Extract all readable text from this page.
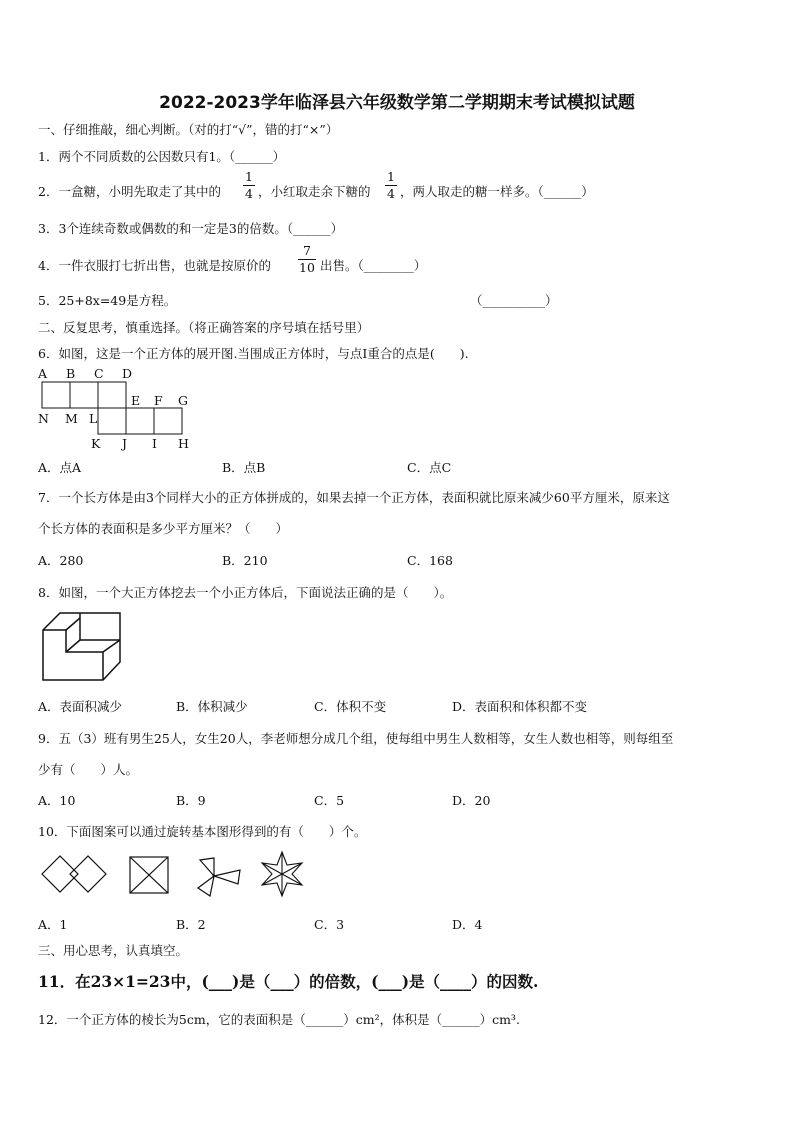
2022-2023学年临泽县六年级数学第二学期期末考试模拟试题
一、仔细推敲，细心判断。（对的打“√”，错的打“×”）
1．两个不同质数的公因数只有1。（______）
2．一盒糖，小明先取走了其中的
1
4 ，小红取走余下糖的
1
4 ，两人取走的糖一样多。（______）
3．3个连续奇数或偶数的和一定是3的倍数。（______）
4．一件衣服打七折出售，也就是按原价的
7
10 出售。（________）
5．25+8x=49是方程。	（__________）
二、反复思考，慎重选择。（将正确答案的序号填在括号里）
6．如图，这是一个正方体的展开图.当围成正方体时，与点I重合的点是(　　).
A B C D
N M L
E F G
K J I H
A．点A	B．点B	C．点C
7．一个长方体是由3个同样大小的正方体拼成的，如果去掉一个正方体，表面积就比原来减少60平方厘米，原来这
个长方体的表面积是多少平方厘米？（　　）
A．280	B．210	C．168
8．如图，一个大正方体挖去一个小正方体后，下面说法正确的是（　　）。
A．表面积减少	B．体积减少	C．体积不变	D．表面积和体积都不变
9．五（3）班有男生25人，女生20人，李老师想分成几个组，使每组中男生人数相等，女生人数也相等，则每组至
少有（　　）人。
A．10	B．9	C．5	D．20
10．下面图案可以通过旋转基本图形得到的有（　　）个。
A．1	B．2	C．3	D．4
三、用心思考，认真填空。
11．在23×1=23中，(___)是（___）的倍数，(___)是（____）的因数.
12．一个正方体的棱长为5cm，它的表面积是（______）cm²，体积是（______）cm³.
